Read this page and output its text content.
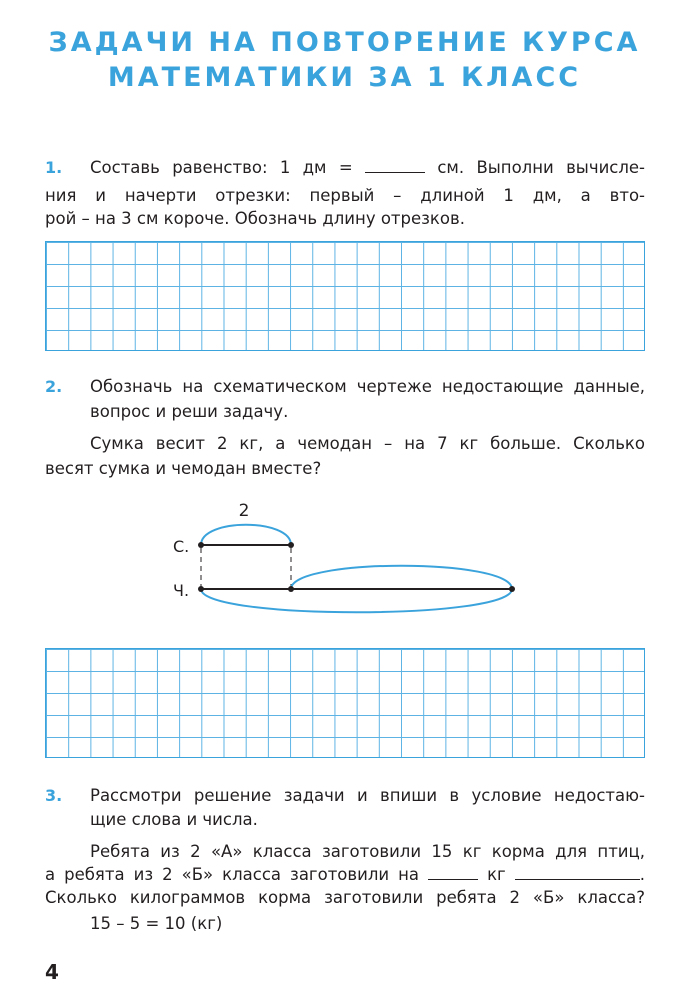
ЗАДАЧИ НА ПОВТОРЕНИЕ КУРСА
МАТЕМАТИКИ ЗА 1 КЛАСС
1. Составь равенство: 1 дм =	см. Выполни вычисле-
ния и начерти отрезки: первый – длиной 1 дм, а вто-
рой – на 3 см короче. Обозначь длину отрезков.
2. Обозначь на схематическом чертеже недостающие данные,
вопрос и реши задачу.
Сумка весит 2 кг, а чемодан – на 7 кг больше. Сколько
весят сумка и чемодан вместе?
2
С.
Ч.
3. Рассмотри решение задачи и впиши в условие недостаю-
щие слова и числа.
Ребята из 2 «А» класса заготовили 15 кг корма для птиц,
а ребята из 2 «Б» класса заготовили на	кг	.
Сколько килограммов корма заготовили ребята 2 «Б» класса?
15 – 5 = 10 (кг)
4
